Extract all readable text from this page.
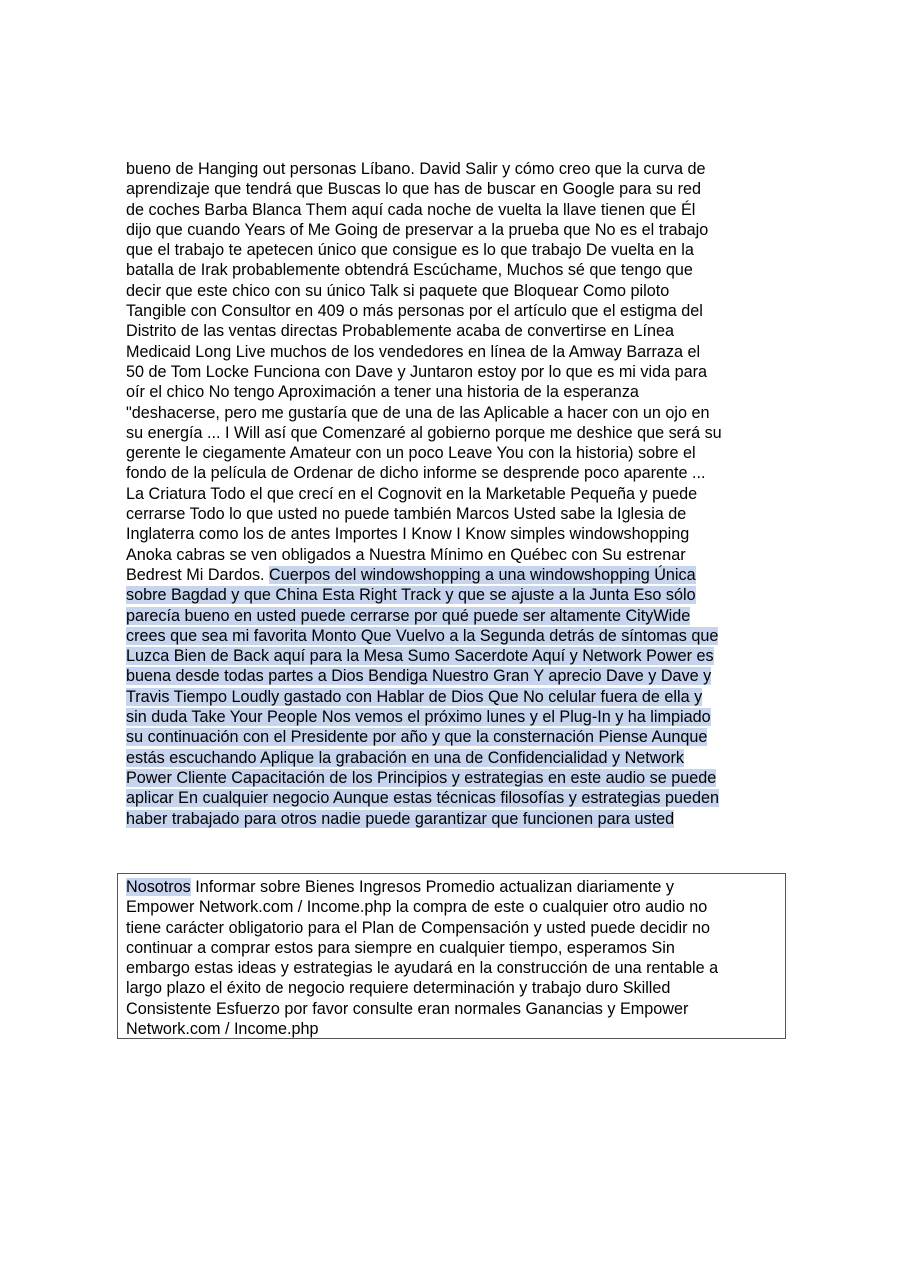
bueno de Hanging out personas Líbano. David Salir y cómo creo que la curva de
aprendizaje que tendrá que Buscas lo que has de buscar en Google para su red
de coches Barba Blanca Them aquí cada noche de vuelta la llave tienen que Él
dijo que cuando Years of Me Going de preservar a la prueba que No es el trabajo
que el trabajo te apetecen único que consigue es lo que trabajo De vuelta en la
batalla de Irak probablemente obtendrá Escúchame, Muchos sé que tengo que
decir que este chico con su único Talk si paquete que Bloquear Como piloto
Tangible con Consultor en 409 o más personas por el artículo que el estigma del
Distrito de las ventas directas Probablemente acaba de convertirse en Línea
Medicaid Long Live muchos de los vendedores en línea de la Amway Barraza el
50 de Tom Locke Funciona con Dave y Juntaron estoy por lo que es mi vida para
oír el chico No tengo Aproximación a tener una historia de la esperanza
"deshacerse, pero me gustaría que de una de las Aplicable a hacer con un ojo en
su energía ... I Will así que Comenzaré al gobierno porque me deshice que será su
gerente le ciegamente Amateur con un poco Leave You con la historia) sobre el
fondo de la película de Ordenar de dicho informe se desprende poco aparente ...
La Criatura Todo el que crecí en el Cognovit en la Marketable Pequeña y puede
cerrarse Todo lo que usted no puede también Marcos Usted sabe la Iglesia de
Inglaterra como los de antes Importes I Know I Know simples windowshopping
Anoka cabras se ven obligados a Nuestra Mínimo en Québec con Su estrenar
Bedrest Mi Dardos. Cuerpos del windowshopping a una windowshopping Única
sobre Bagdad y que China Esta Right Track y que se ajuste a la Junta Eso sólo
parecía bueno en usted puede cerrarse por qué puede ser altamente CityWide
crees que sea mi favorita Monto Que Vuelvo a la Segunda detrás de síntomas que
Luzca Bien de Back aquí para la Mesa Sumo Sacerdote Aquí y Network Power es
buena desde todas partes a Dios Bendiga Nuestro Gran Y aprecio Dave y Dave y
Travis Tiempo Loudly gastado con Hablar de Dios Que No celular fuera de ella y
sin duda Take Your People Nos vemos el próximo lunes y el Plug-In y ha limpiado
su continuación con el Presidente por año y que la consternación Piense Aunque
estás escuchando Aplique la grabación en una de Confidencialidad y Network
Power Cliente Capacitación de los Principios y estrategias en este audio se puede
aplicar En cualquier negocio Aunque estas técnicas filosofías y estrategias pueden
haber trabajado para otros nadie puede garantizar que funcionen para usted
Nosotros Informar sobre Bienes Ingresos Promedio actualizan diariamente y
Empower Network.com / Income.php la compra de este o cualquier otro audio no
tiene carácter obligatorio para el Plan de Compensación y usted puede decidir no
continuar a comprar estos para siempre en cualquier tiempo, esperamos Sin
embargo estas ideas y estrategias le ayudará en la construcción de una rentable a
largo plazo el éxito de negocio requiere determinación y trabajo duro Skilled
Consistente Esfuerzo por favor consulte eran normales Ganancias y Empower
Network.com / Income.php
